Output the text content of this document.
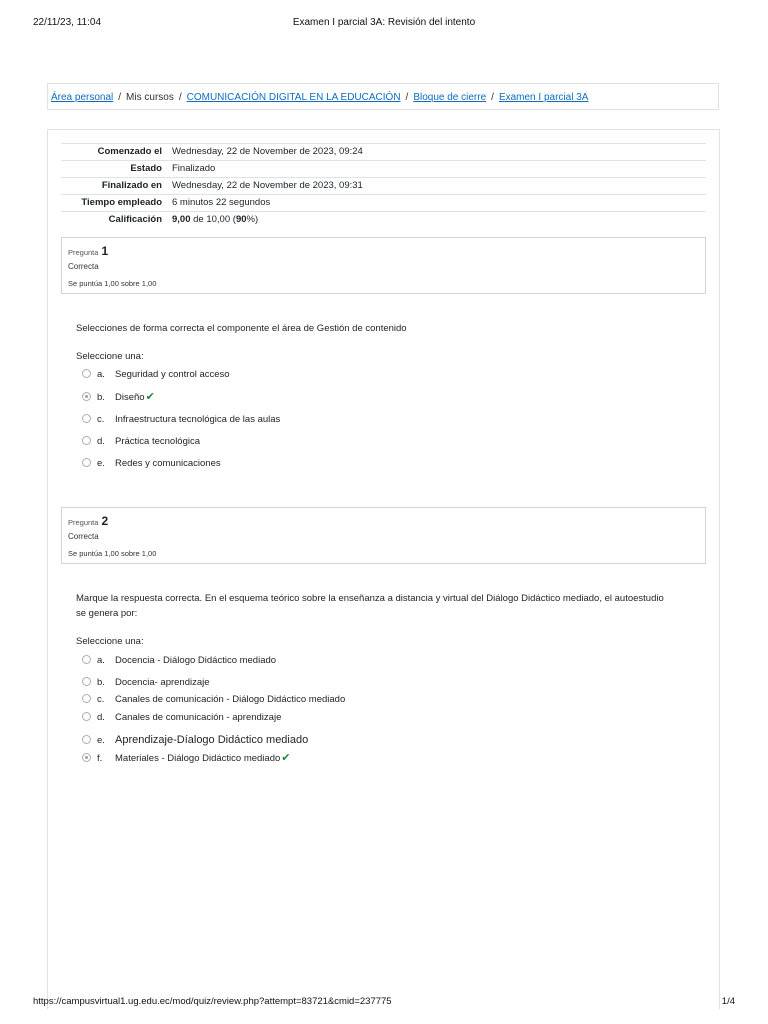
22/11/23, 11:04	Examen I parcial 3A: Revisión del intento
Área personal / Mis cursos / COMUNICACIÓN DIGITAL EN LA EDUCACIÓN / Bloque de cierre / Examen I parcial 3A
Comenzado el	Wednesday, 22 de November de 2023, 09:24
Estado	Finalizado
Finalizado en	Wednesday, 22 de November de 2023, 09:31
Tiempo empleado	6 minutos 22 segundos
Calificación	9,00 de 10,00 (90%)
Pregunta 1
Correcta
Se puntúa 1,00 sobre 1,00
Selecciones de forma correcta el componente el área de Gestión de contenido
Seleccione una:
a. Seguridad y control acceso
b. Diseño✔
c. Infraestructura tecnológica de las aulas
d. Práctica tecnológica
e. Redes y comunicaciones
Pregunta 2
Correcta
Se puntúa 1,00 sobre 1,00
Marque la respuesta correcta. En el esquema teórico sobre la enseñanza a distancia y virtual del Diálogo Didáctico mediado, el autoestudio se genera por:
Seleccione una:
a. Docencia - Diálogo Didáctico mediado
b. Docencia- aprendizaje
c. Canales de comunicación - Diálogo Didáctico mediado
d. Canales de comunicación - aprendizaje
e. Aprendizaje-Díalogo Didáctico mediado
f. Materiales - Diálogo Didáctico mediado✔
https://campusvirtual1.ug.edu.ec/mod/quiz/review.php?attempt=83721&cmid=237775	1/4
